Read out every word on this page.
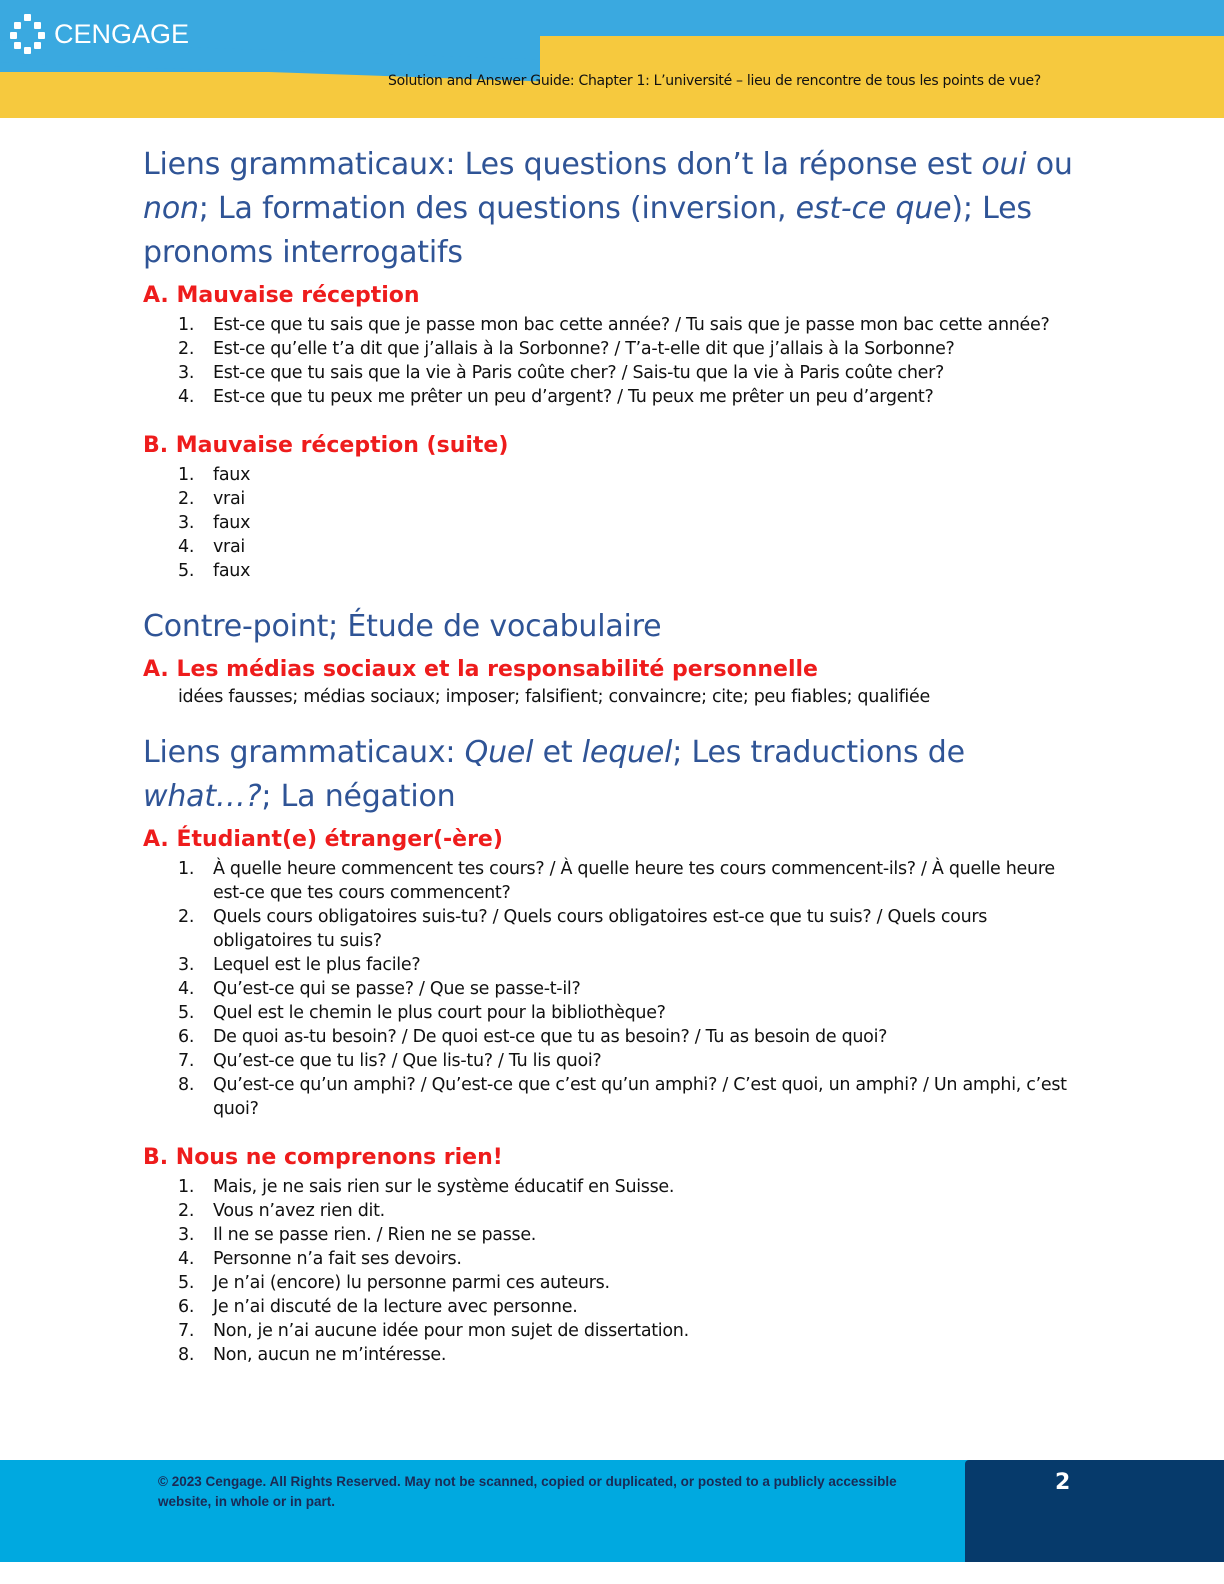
CENGAGE
Solution and Answer Guide: Chapter 1: L’université – lieu de rencontre de tous les points de vue?
Liens grammaticaux: Les questions don’t la réponse est oui ou non; La formation des questions (inversion, est-ce que); Les pronoms interrogatifs
A. Mauvaise réception
1.	Est-ce que tu sais que je passe mon bac cette année? / Tu sais que je passe mon bac cette année?
2.	Est-ce qu’elle t’a dit que j’allais à la Sorbonne? / T’a-t-elle dit que j’allais à la Sorbonne?
3.	Est-ce que tu sais que la vie à Paris coûte cher? / Sais-tu que la vie à Paris coûte cher?
4.	Est-ce que tu peux me prêter un peu d’argent? / Tu peux me prêter un peu d’argent?
B. Mauvaise réception (suite)
1.	faux
2.	vrai
3.	faux
4.	vrai
5.	faux
Contre-point; Étude de vocabulaire
A. Les médias sociaux et la responsabilité personnelle
idées fausses; médias sociaux; imposer; falsifient; convaincre; cite; peu fiables; qualifiée
Liens grammaticaux: Quel et lequel; Les traductions de what…?; La négation
A. Étudiant(e) étranger(-ère)
1.	À quelle heure commencent tes cours? / À quelle heure tes cours commencent-ils? / À quelle heure est-ce que tes cours commencent?
2.	Quels cours obligatoires suis-tu? / Quels cours obligatoires est-ce que tu suis? / Quels cours obligatoires tu suis?
3.	Lequel est le plus facile?
4.	Qu’est-ce qui se passe? / Que se passe-t-il?
5.	Quel est le chemin le plus court pour la bibliothèque?
6.	De quoi as-tu besoin? / De quoi est-ce que tu as besoin? / Tu as besoin de quoi?
7.	Qu’est-ce que tu lis? / Que lis-tu? / Tu lis quoi?
8.	Qu’est-ce qu’un amphi? / Qu’est-ce que c’est qu’un amphi? / C’est quoi, un amphi? / Un amphi, c’est quoi?
B. Nous ne comprenons rien!
1.	Mais, je ne sais rien sur le système éducatif en Suisse.
2.	Vous n’avez rien dit.
3.	Il ne se passe rien. / Rien ne se passe.
4.	Personne n’a fait ses devoirs.
5.	Je n’ai (encore) lu personne parmi ces auteurs.
6.	Je n’ai discuté de la lecture avec personne.
7.	Non, je n’ai aucune idée pour mon sujet de dissertation.
8.	Non, aucun ne m’intéresse.
© 2023 Cengage. All Rights Reserved. May not be scanned, copied or duplicated, or posted to a publicly accessible website, in whole or in part.
2
